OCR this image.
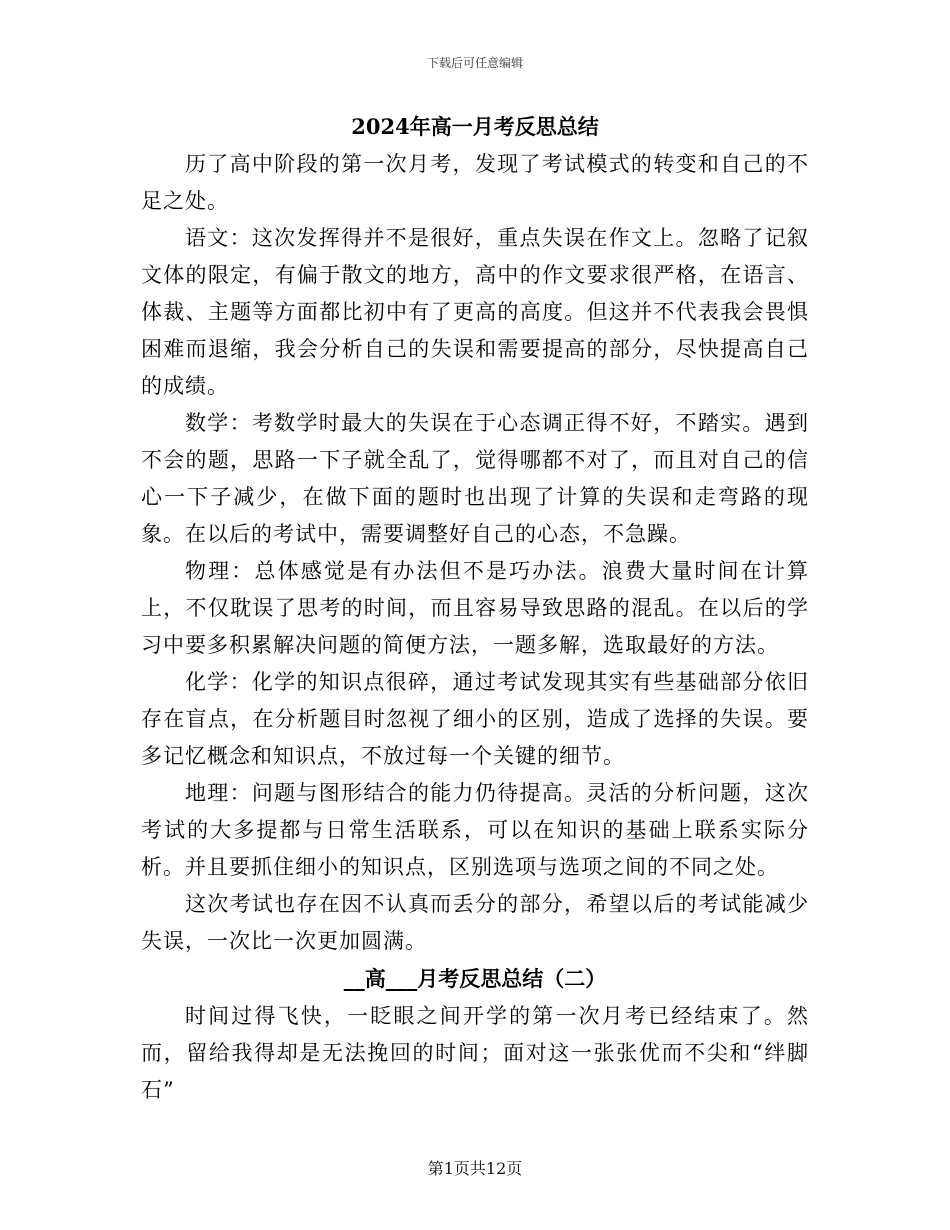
下载后可任意编辑
2024年高一月考反思总结

历了高中阶段的第一次月考，发现了考试模式的转变和自己的不足之处。

语文：这次发挥得并不是很好，重点失误在作文上。忽略了记叙文体的限定，有偏于散文的地方，高中的作文要求很严格，在语言、体裁、主题等方面都比初中有了更高的高度。但这并不代表我会畏惧困难而退缩，我会分析自己的失误和需要提高的部分，尽快提高自己的成绩。

数学：考数学时最大的失误在于心态调正得不好，不踏实。遇到不会的题，思路一下子就全乱了，觉得哪都不对了，而且对自己的信心一下子减少，在做下面的题时也出现了计算的失误和走弯路的现象。在以后的考试中，需要调整好自己的心态，不急躁。

物理：总体感觉是有办法但不是巧办法。浪费大量时间在计算上，不仅耽误了思考的时间，而且容易导致思路的混乱。在以后的学习中要多积累解决问题的简便方法，一题多解，选取最好的方法。

化学：化学的知识点很碎，通过考试发现其实有些基础部分依旧存在盲点，在分析题目时忽视了细小的区别，造成了选择的失误。要多记忆概念和知识点，不放过每一个关键的细节。

地理：问题与图形结合的能力仍待提高。灵活的分析问题，这次考试的大多提都与日常生活联系，可以在知识的基础上联系实际分析。并且要抓住细小的知识点，区别选项与选项之间的不同之处。

这次考试也存在因不认真而丢分的部分，希望以后的考试能减少失误，一次比一次更加圆满。

__高___月考反思总结（二）

时间过得飞快，一眨眼之间开学的第一次月考已经结束了。然而，留给我得却是无法挽回的时间；面对这一张张优而不尖和“绊脚石”

第1页共12页
